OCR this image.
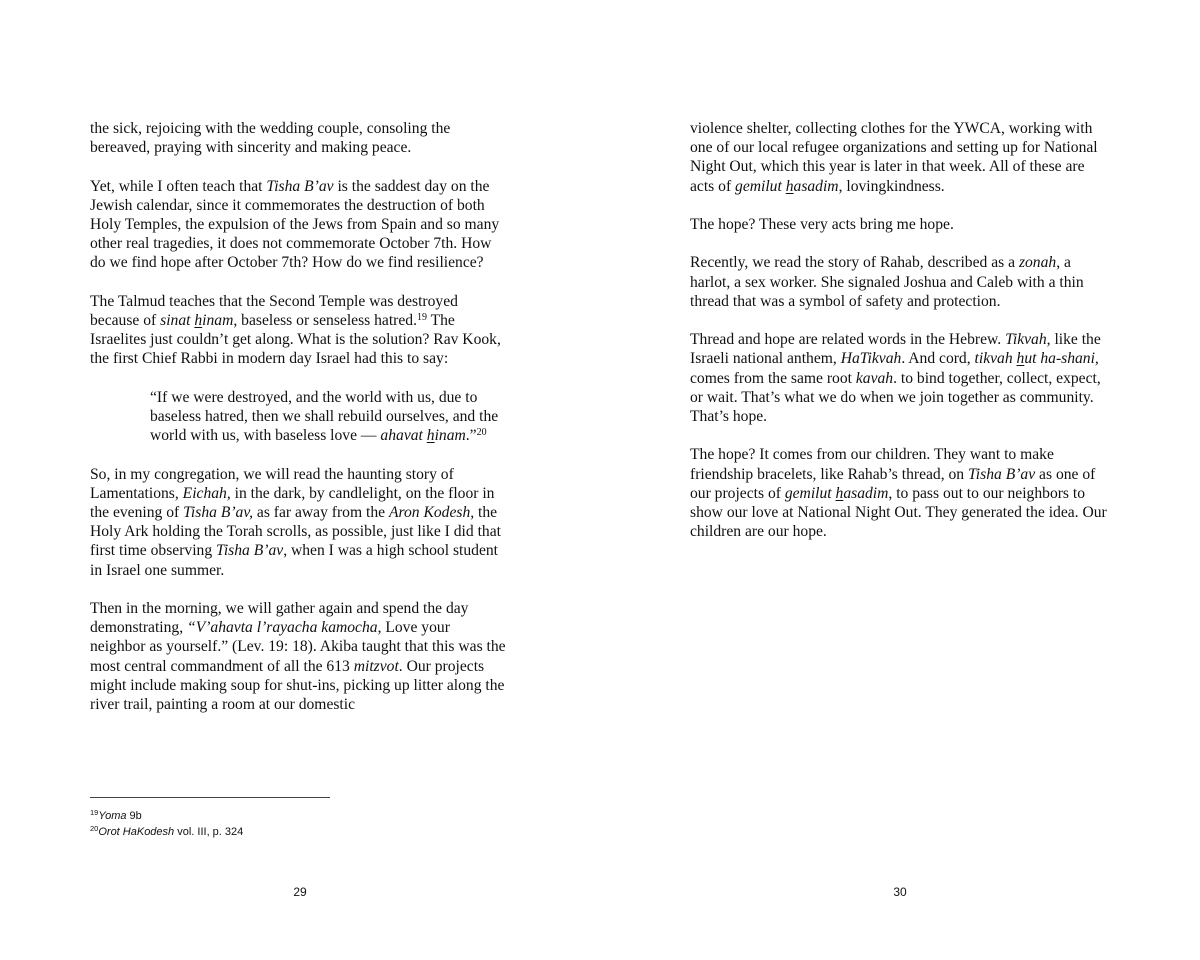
the sick, rejoicing with the wedding couple, consoling the bereaved, praying with sincerity and making peace.

Yet, while I often teach that Tisha B’av is the saddest day on the Jewish calendar, since it commemorates the destruction of both Holy Temples, the expulsion of the Jews from Spain and so many other real tragedies, it does not commemorate October 7th. How do we find hope after October 7th? How do we find resilience?

The Talmud teaches that the Second Temple was destroyed because of sinat hinam, baseless or senseless hatred.$^{19}$ The Israelites just couldn’t get along. What is the solution? Rav Kook, the first Chief Rabbi in modern day Israel had this to say:

“If we were destroyed, and the world with us, due to baseless hatred, then we shall rebuild ourselves, and the world with us, with baseless love — ahavat hinam.”$^{20}$

So, in my congregation, we will read the haunting story of Lamentations, Eichah, in the dark, by candlelight, on the floor in the evening of Tisha B’av, as far away from the Aron Kodesh, the Holy Ark holding the Torah scrolls, as possible, just like I did that first time observing Tisha B’av, when I was a high school student in Israel one summer.

Then in the morning, we will gather again and spend the day demonstrating, “V’ahavta l’rayacha kamocha, Love your neighbor as yourself.” (Lev. 19: 18). Akiba taught that this was the most central commandment of all the 613 mitzvot. Our projects might include making soup for shut-ins, picking up litter along the river trail, painting a room at our domestic

$^{19}$Yoma 9b
$^{20}$Orot HaKodesh vol. III, p. 324
29

violence shelter, collecting clothes for the YWCA, working with one of our local refugee organizations and setting up for National Night Out, which this year is later in that week. All of these are acts of gemilut hasadim, lovingkindness.

The hope? These very acts bring me hope.

Recently, we read the story of Rahab, described as a zonah, a harlot, a sex worker. She signaled Joshua and Caleb with a thin thread that was a symbol of safety and protection.

Thread and hope are related words in the Hebrew. Tikvah, like the Israeli national anthem, HaTikvah. And cord, tikvah hut ha-shani, comes from the same root kavah. to bind together, collect, expect, or wait. That’s what we do when we join together as community. That’s hope.

The hope? It comes from our children. They want to make friendship bracelets, like Rahab’s thread, on Tisha B’av as one of our projects of gemilut hasadim, to pass out to our neighbors to show our love at National Night Out. They generated the idea. Our children are our hope.

30
